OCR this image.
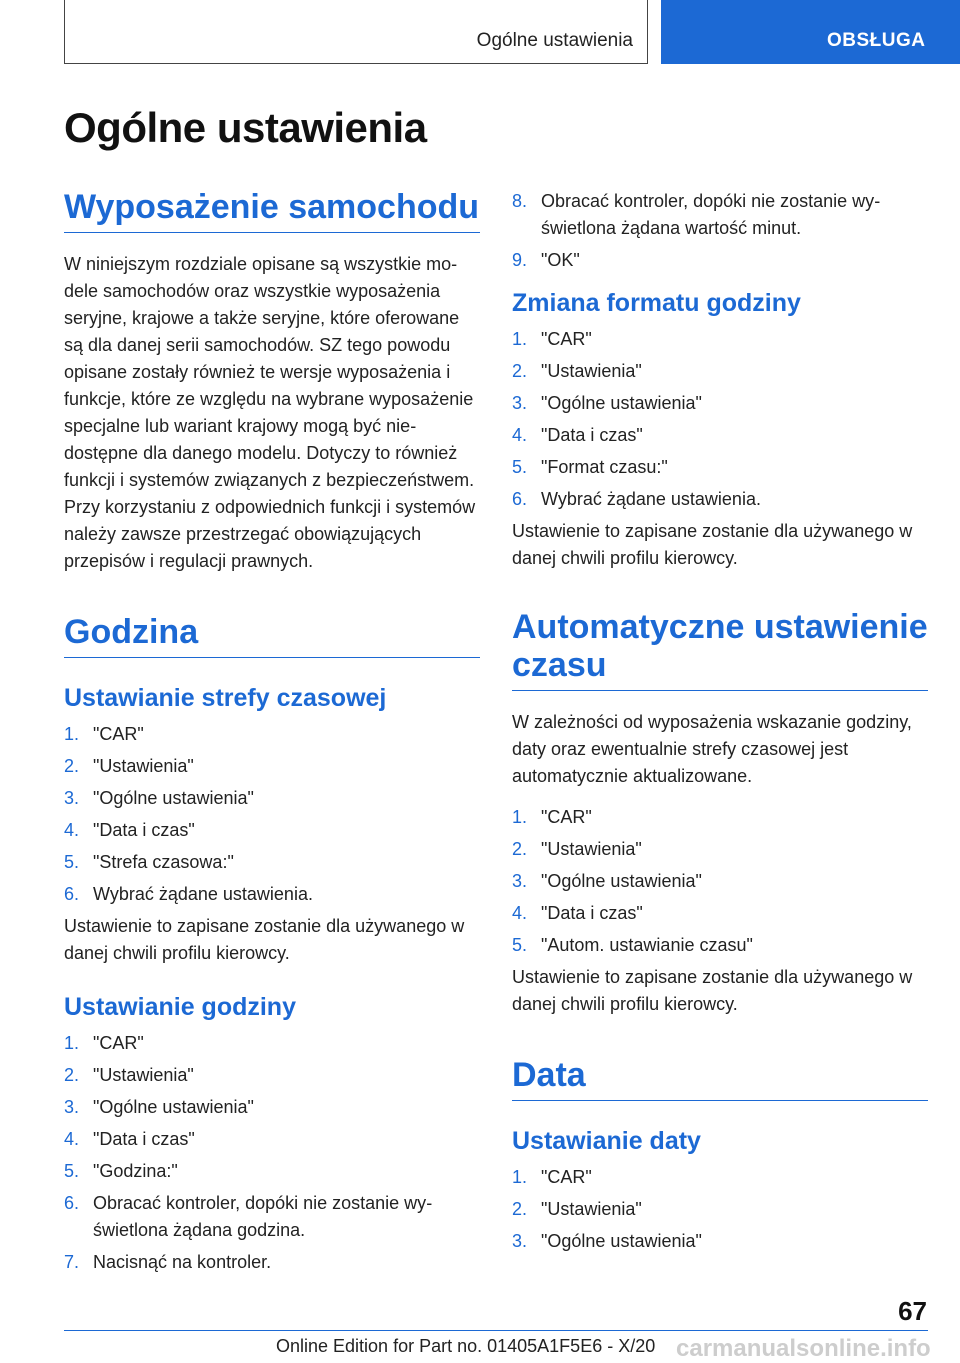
Ogólne ustawienia	OBSŁUGA
Ogólne ustawienia
Wyposażenie samochodu

W niniejszym rozdziale opisane są wszystkie modele samochodów oraz wszystkie wyposażenia seryjne, krajowe a także seryjne, które oferowane są dla danej serii samochodów. SZ tego powodu opisane zostały również te wersje wyposażenia i funkcje, które ze względu na wybrane wyposażenie specjalne lub wariant krajowy mogą być niedostępne dla danego modelu. Dotyczy to również funkcji i systemów związanych z bezpieczeństwem. Przy korzystaniu z odpowiednich funkcji i systemów należy zawsze przestrzegać obowiązujących przepisów i regulacji prawnych.

Godzina
Ustawianie strefy czasowej
1. "CAR"
2. "Ustawienia"
3. "Ogólne ustawienia"
4. "Data i czas"
5. "Strefa czasowa:"
6. Wybrać żądane ustawienia.

Ustawienie to zapisane zostanie dla używanego w danej chwili profilu kierowcy.

Ustawianie godziny
1. "CAR"
2. "Ustawienia"
3. "Ogólne ustawienia"
4. "Data i czas"
5. "Godzina:"
6. Obracać kontroler, dopóki nie zostanie wyświetlona żądana godzina.
7. Nacisnąć na kontroler.
8. Obracać kontroler, dopóki nie zostanie wyświetlona żądana wartość minut.
9. "OK"
Zmiana formatu godziny
1. "CAR"
2. "Ustawienia"
3. "Ogólne ustawienia"
4. "Data i czas"
5. "Format czasu:"
6. Wybrać żądane ustawienia.

Ustawienie to zapisane zostanie dla używanego w danej chwili profilu kierowcy.

Automatyczne ustawienie czasu

W zależności od wyposażenia wskazanie godziny, daty oraz ewentualnie strefy czasowej jest automatycznie aktualizowane.

1. "CAR"
2. "Ustawienia"
3. "Ogólne ustawienia"
4. "Data i czas"
5. "Autom. ustawianie czasu"

Ustawienie to zapisane zostanie dla używanego w danej chwili profilu kierowcy.

Data
Ustawianie daty
1. "CAR"
2. "Ustawienia"
3. "Ogólne ustawienia"
67
Online Edition for Part no. 01405A1F5E6 - X/20 carmanualsonline.info
